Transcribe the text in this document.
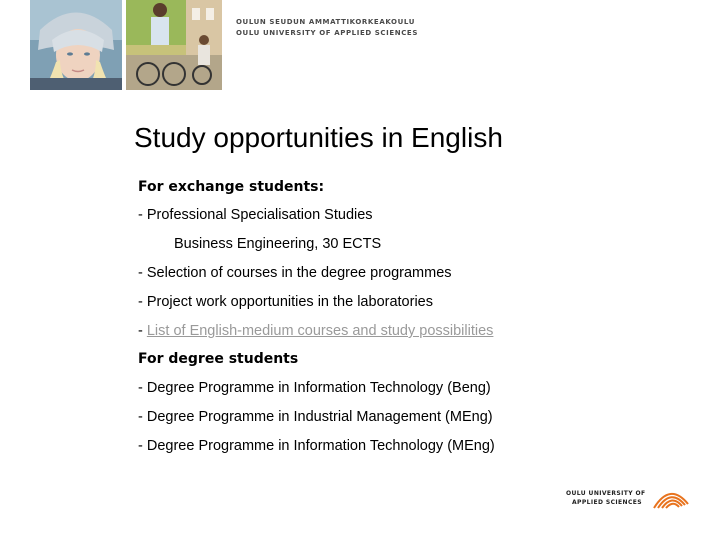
OULUN SEUDUN AMMATTIKORKEAKOULU
OULU UNIVERSITY OF APPLIED SCIENCES
Study opportunities in English
For exchange students:
- Professional Specialisation Studies
Business Engineering, 30 ECTS
- Selection of courses in the degree programmes
- Project work opportunities in the laboratories
- List of English-medium courses and study possibilities
For degree students
- Degree Programme in Information Technology (Beng)
- Degree Programme in Industrial Management (MEng)
- Degree Programme in Information Technology (MEng)
OULU UNIVERSITY OF
APPLIED SCIENCES
